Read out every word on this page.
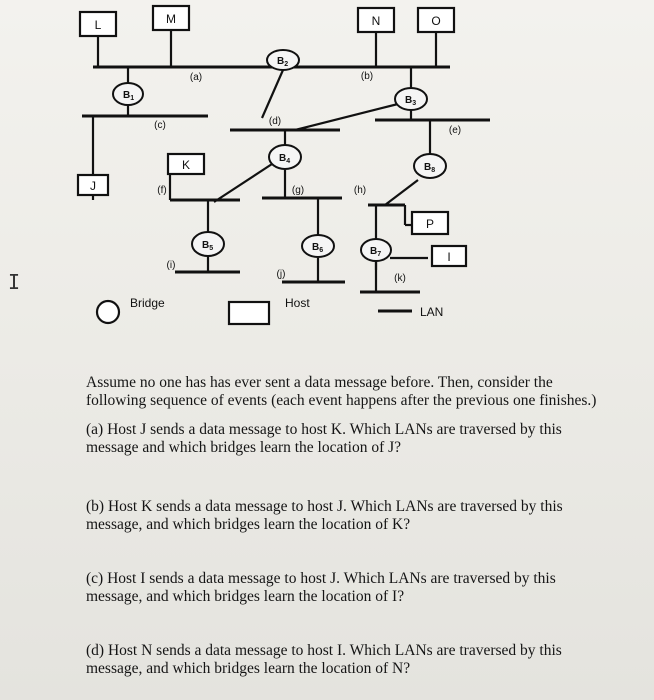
L	M	N	O
K
J
P
I
$B_1$
$B_2$
$B_3$
$B_4$
$B_8$
$B_5$	$B_6$	$B_7$
(a)	(b)
(c)	(d)
(e)
(f)	(g)	(h)
(i)
(j)	(k)
Bridge	Host
LAN
I

Assume no one has has ever sent a data message before. Then, consider the following sequence of events (each event happens after the previous one finishes.)

(a) Host J sends a data message to host K. Which LANs are traversed by this message and which bridges learn the location of J?

(b) Host K sends a data message to host J. Which LANs are traversed by this message, and which bridges learn the location of K?

(c) Host I sends a data message to host J. Which LANs are traversed by this message, and which bridges learn the location of I?

(d) Host N sends a data message to host I. Which LANs are traversed by this message, and which bridges learn the location of N?
